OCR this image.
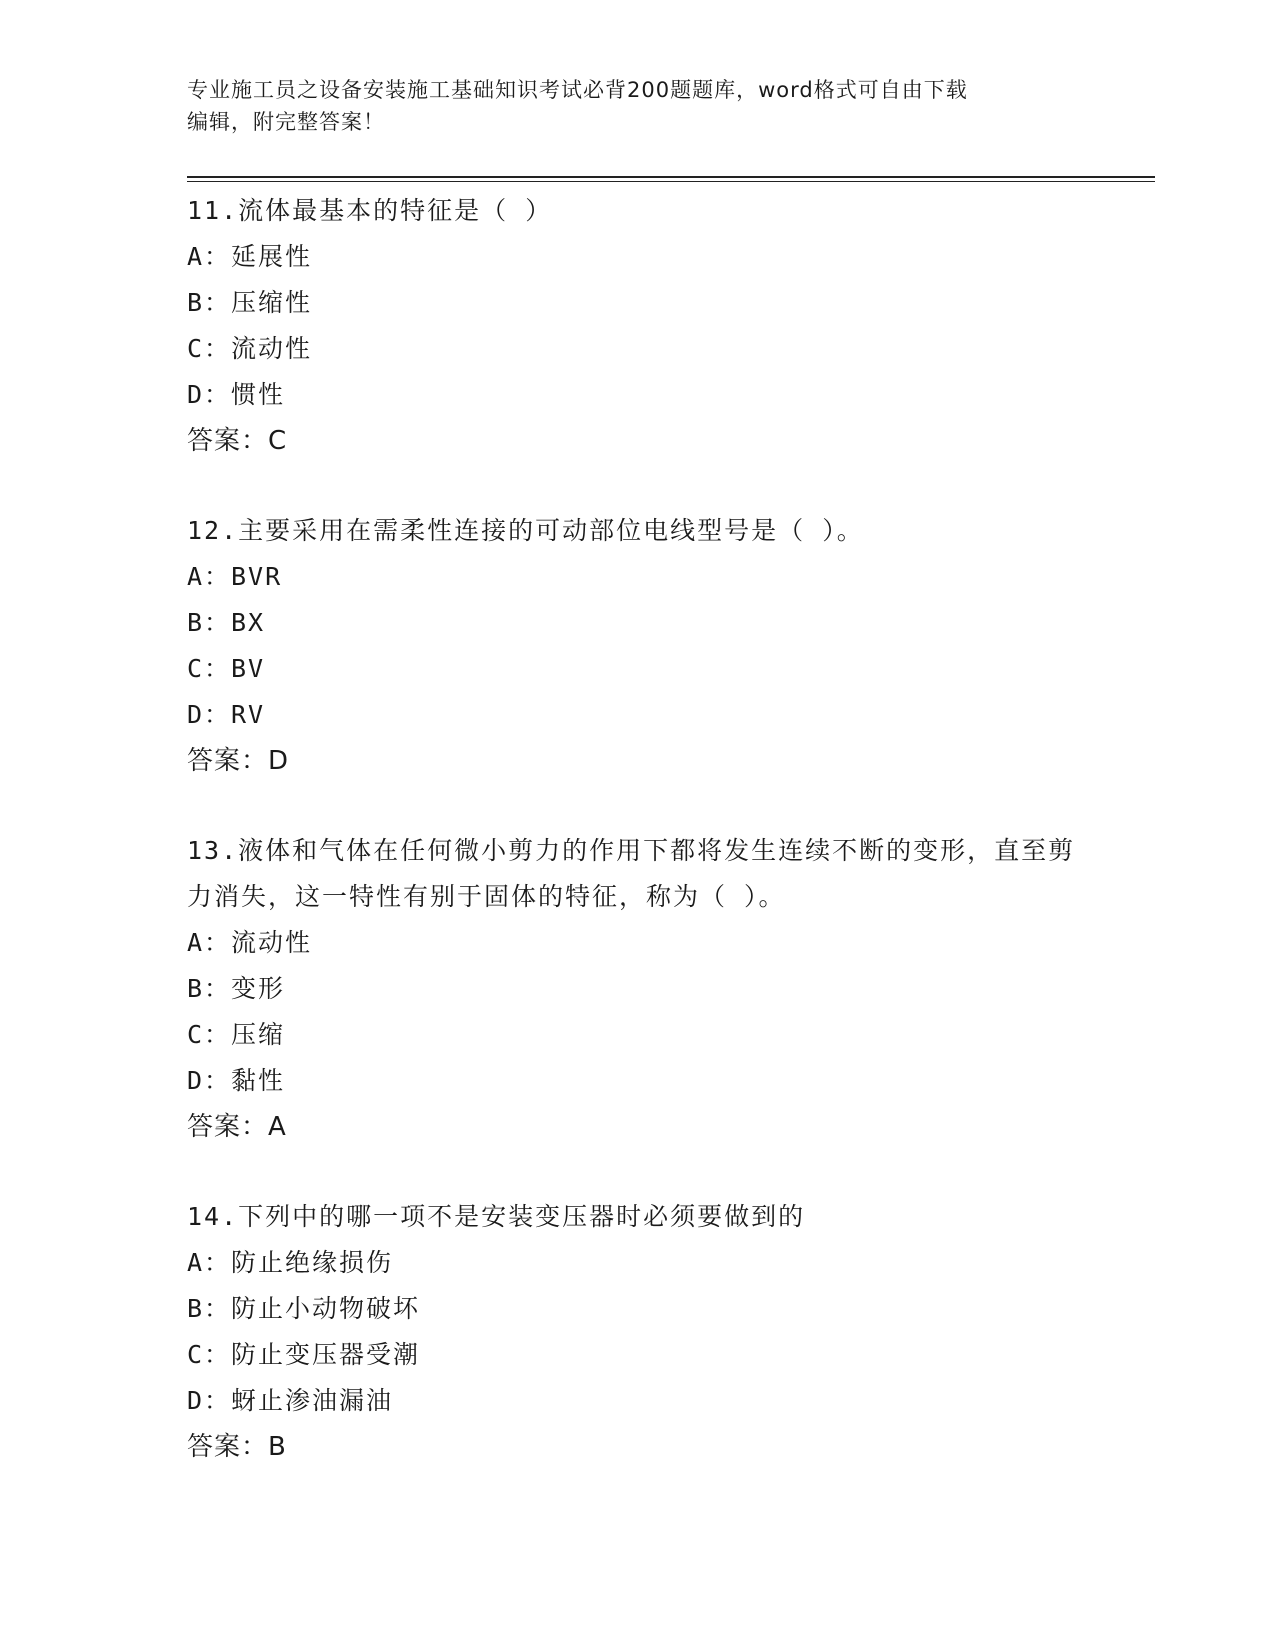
专业施工员之设备安装施工基础知识考试必背200题题库，word格式可自由下载
编辑，附完整答案！
11.流体最基本的特征是（ ）
A：延展性
B：压缩性
C：流动性
D：惯性
答案：C
12.主要采用在需柔性连接的可动部位电线型号是（ ）。
A：BVR
B：BX
C：BV
D：RV
答案：D
13.液体和气体在任何微小剪力的作用下都将发生连续不断的变形，直至剪力消失，这一特性有别于固体的特征，称为（ ）。
A：流动性
B：变形
C：压缩
D：黏性
答案：A
14.下列中的哪一项不是安装变压器时必须要做到的
A：防止绝缘损伤
B：防止小动物破坏
C：防止变压器受潮
D：蚜止渗油漏油
答案：B
